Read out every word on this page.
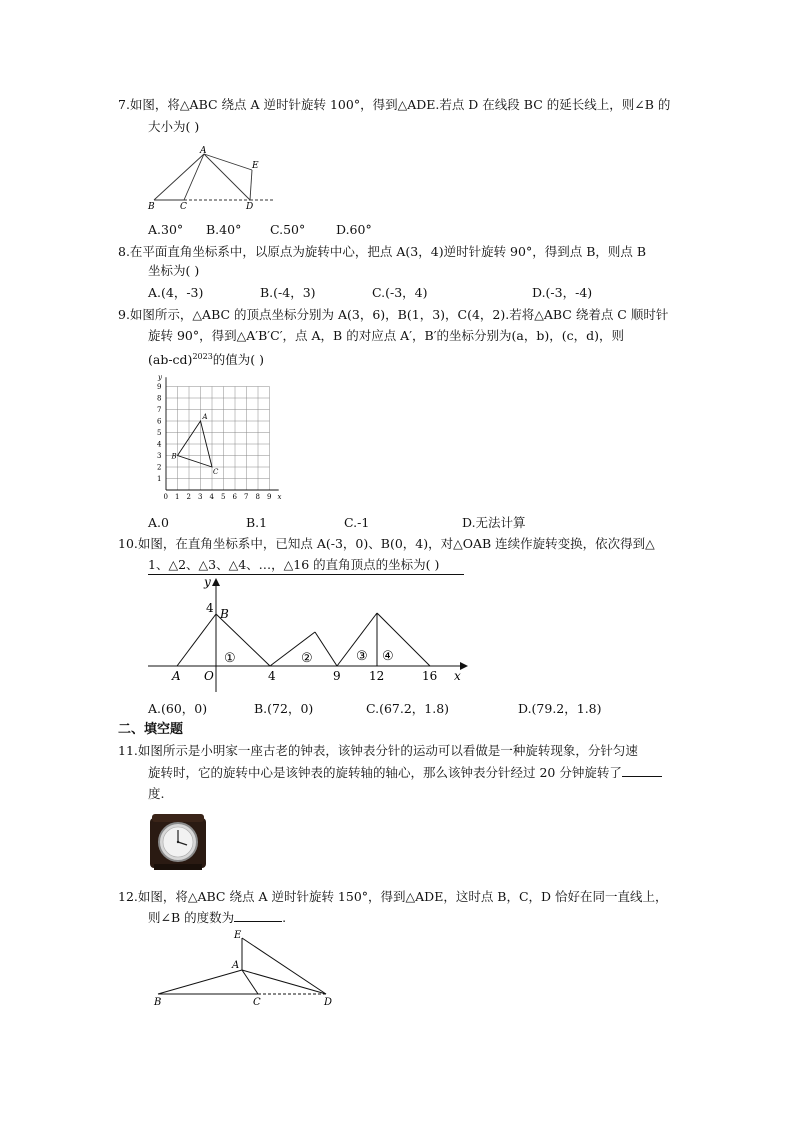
7.如图，将△ABC 绕点 A 逆时针旋转 100°，得到△ADE.若点 D 在线段 BC 的延长线上，则∠B 的
大小为( )
A
B	C	D
E
A.30° B.40° C.50° D.60°
8.在平面直角坐标系中，以原点为旋转中心，把点 A(3，4)逆时针旋转 90°，得到点 B，则点 B
坐标为( )
A.(4，-3)	B.(-4，3)	C.(-3，4)	D.(-3，-4)
9.如图所示，△ABC 的顶点坐标分别为 A(3，6)，B(1，3)，C(4，2).若将△ABC 绕着点 C 顺时针
旋转 90°，得到△A′B′C′，点 A，B 的对应点 A′，B′的坐标分别为(a，b)，(c，d)，则
$(ab-cd)^{2023}$的值为( )
0 1 2 3 4 5 6 7 8 9
1
2
3
4
5
6
7
8
9
x
y
A
B
C
A.0	B.1	C.-1	D.无法计算
10.如图，在直角坐标系中，已知点 A(-3，0)、B(0，4)，对△OAB 连续作旋转变换，依次得到△
1、△2、△3、△4、…，△16 的直角顶点的坐标为( )
y
x
B
4
A O	4	9 12	16
①	②	③ ④
A.(60，0)	B.(72，0)	C.(67.2，1.8)	D.(79.2，1.8)
二、填空题
11.如图所示是小明家一座古老的钟表，该钟表分针的运动可以看做是一种旋转现象，分针匀速
旋转时，它的旋转中心是该钟表的旋转轴的轴心，那么该钟表分针经过 20 分钟旋转了
度.
12.如图，将△ABC 绕点 A 逆时针旋转 150°，得到△ADE，这时点 B，C，D 恰好在同一直线上，
则∠B 的度数为	.
E
A
B	C	D
